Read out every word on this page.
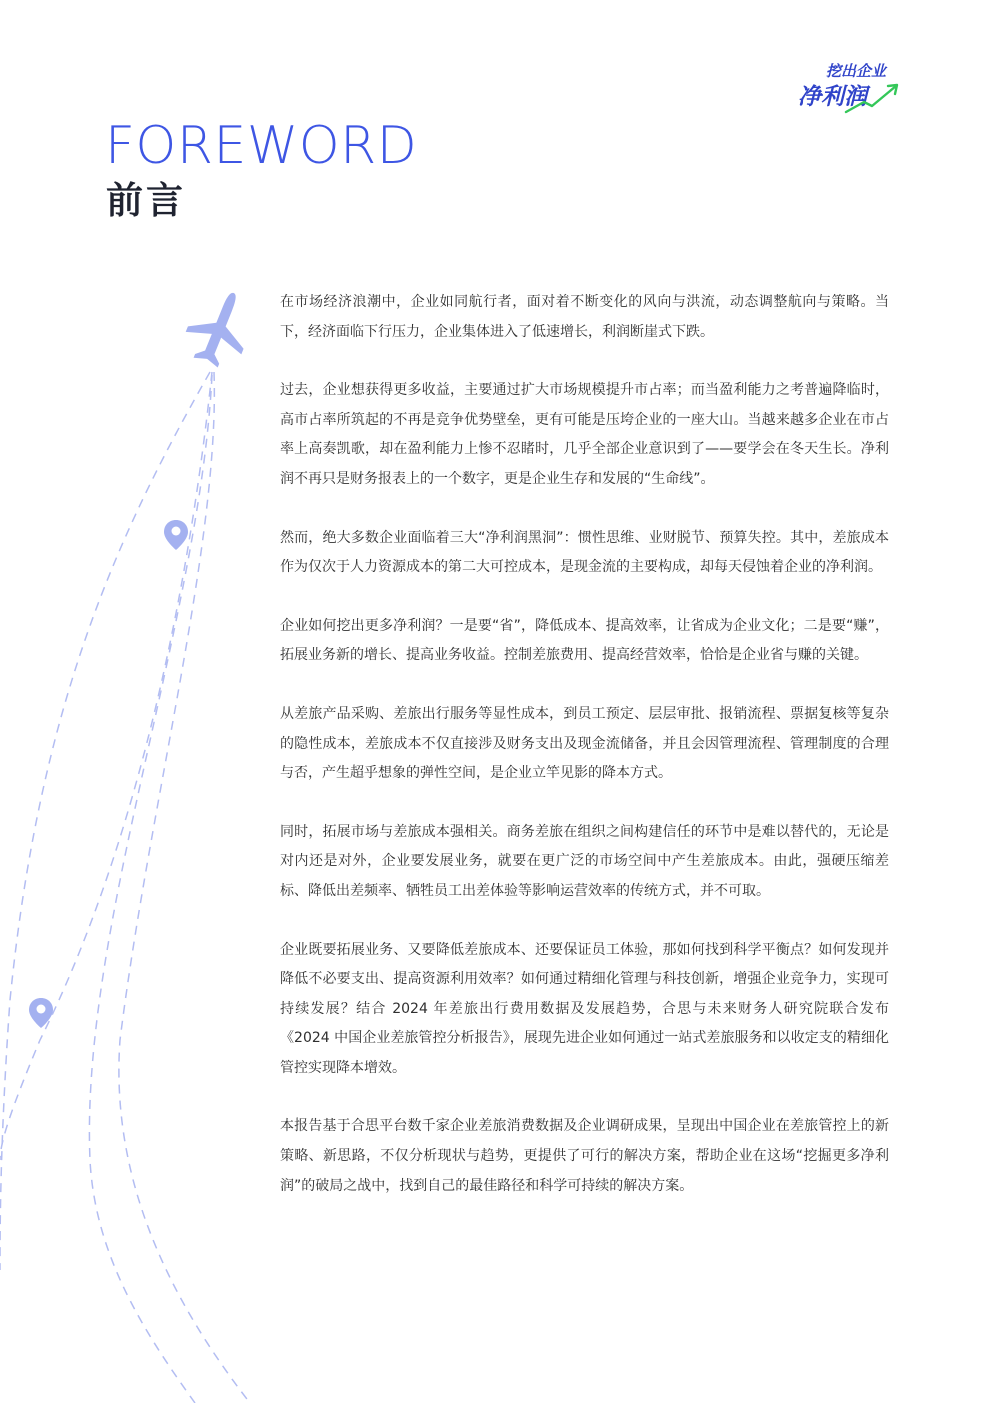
挖出企业
净利润
FOREWORD
前言

在市场经济浪潮中，企业如同航行者，面对着不断变化的风向与洪流，动态调整航向与策略。当下，经济面临下行压力，企业集体进入了低速增长，利润断崖式下跌。

过去，企业想获得更多收益，主要通过扩大市场规模提升市占率；而当盈利能力之考普遍降临时，高市占率所筑起的不再是竞争优势壁垒，更有可能是压垮企业的一座大山。当越来越多企业在市占率上高奏凯歌，却在盈利能力上惨不忍睹时，几乎全部企业意识到了——要学会在冬天生长。净利润不再只是财务报表上的一个数字，更是企业生存和发展的“生命线”。

然而，绝大多数企业面临着三大“净利润黑洞”：惯性思维、业财脱节、预算失控。其中，差旅成本作为仅次于人力资源成本的第二大可控成本，是现金流的主要构成，却每天侵蚀着企业的净利润。

企业如何挖出更多净利润？一是要“省”，降低成本、提高效率，让省成为企业文化；二是要“赚”，拓展业务新的增长、提高业务收益。控制差旅费用、提高经营效率，恰恰是企业省与赚的关键。

从差旅产品采购、差旅出行服务等显性成本，到员工预定、层层审批、报销流程、票据复核等复杂的隐性成本，差旅成本不仅直接涉及财务支出及现金流储备，并且会因管理流程、管理制度的合理与否，产生超乎想象的弹性空间，是企业立竿见影的降本方式。

同时，拓展市场与差旅成本强相关。商务差旅在组织之间构建信任的环节中是难以替代的，无论是对内还是对外，企业要发展业务，就要在更广泛的市场空间中产生差旅成本。由此，强硬压缩差标、降低出差频率、牺牲员工出差体验等影响运营效率的传统方式，并不可取。

企业既要拓展业务、又要降低差旅成本、还要保证员工体验，那如何找到科学平衡点？如何发现并降低不必要支出、提高资源利用效率？如何通过精细化管理与科技创新，增强企业竞争力，实现可持续发展？结合 2024 年差旅出行费用数据及发展趋势，合思与未来财务人研究院联合发布《2024 中国企业差旅管控分析报告》，展现先进企业如何通过一站式差旅服务和以收定支的精细化管控实现降本增效。

本报告基于合思平台数千家企业差旅消费数据及企业调研成果，呈现出中国企业在差旅管控上的新策略、新思路，不仅分析现状与趋势，更提供了可行的解决方案，帮助企业在这场“挖掘更多净利润”的破局之战中，找到自己的最佳路径和科学可持续的解决方案。
